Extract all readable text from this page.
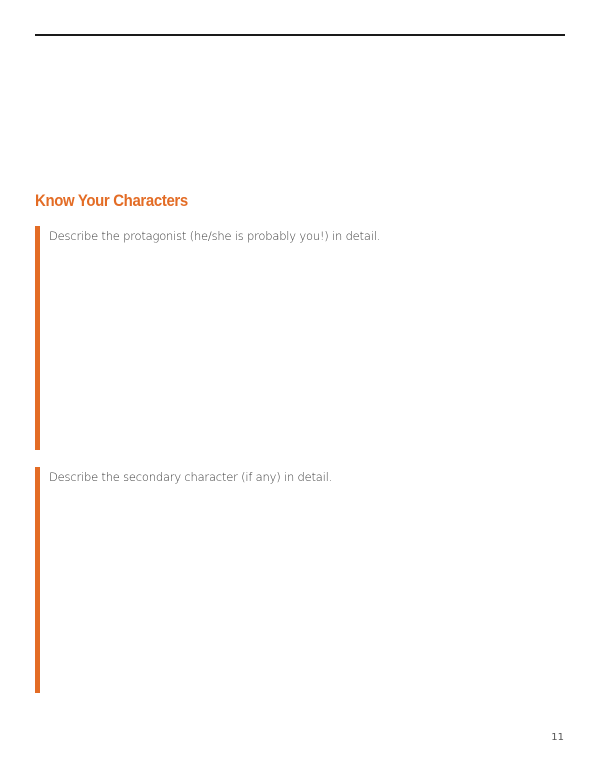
Know Your Characters

Describe the protagonist (he/she is probably you!) in detail.

Describe the secondary character (if any) in detail.

11
